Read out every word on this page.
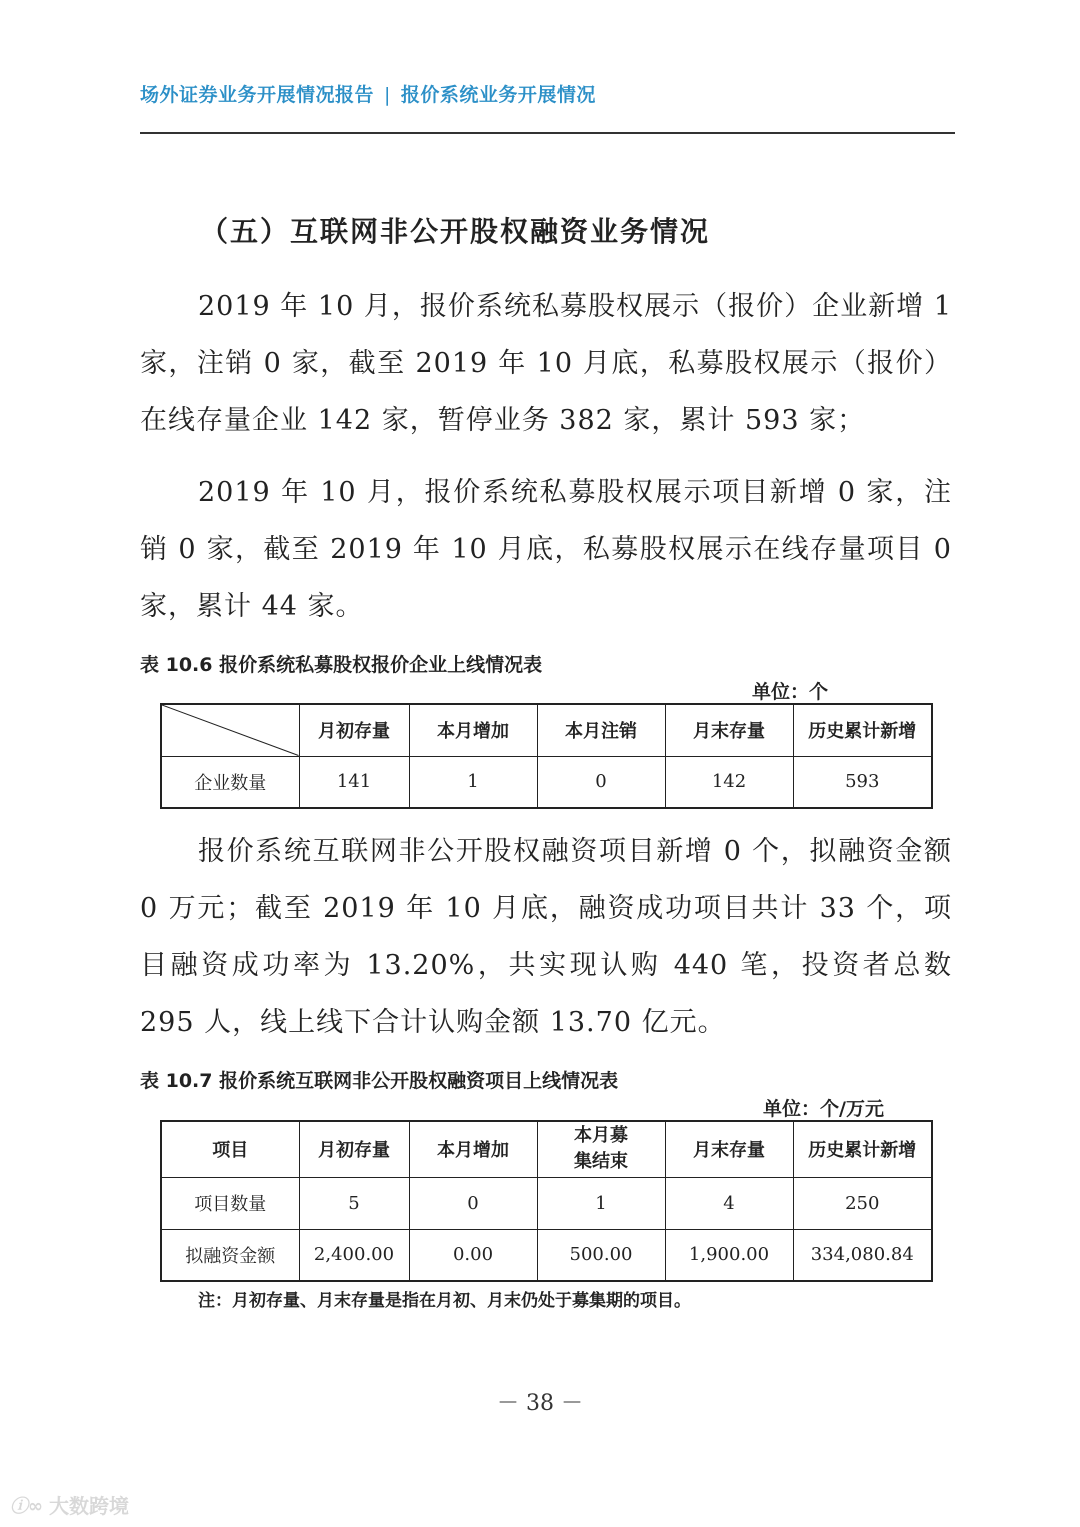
场外证券业务开展情况报告 | 报价系统业务开展情况
（五）互联网非公开股权融资业务情况
2019 年 10 月，报价系统私募股权展示（报价）企业新增 1 家，注销 0 家，截至 2019 年 10 月底，私募股权展示（报价）在线存量企业 142 家，暂停业务 382 家，累计 593 家；
2019 年 10 月，报价系统私募股权展示项目新增 0 家，注销 0 家，截至 2019 年 10 月底，私募股权展示在线存量项目 0 家，累计 44 家。
表 10.6 报价系统私募股权报价企业上线情况表
单位：个
	月初存量	本月增加	本月注销	月末存量	历史累计新增
企业数量	141	1	0	142	593
报价系统互联网非公开股权融资项目新增 0 个，拟融资金额 0 万元；截至 2019 年 10 月底，融资成功项目共计 33 个，项目融资成功率为 13.20%，共实现认购 440 笔，投资者总数 295 人，线上线下合计认购金额 13.70 亿元。
表 10.7 报价系统互联网非公开股权融资项目上线情况表
单位：个/万元
项目	月初存量	本月增加	本月募集结束	月末存量	历史累计新增
项目数量	5	0	1	4	250
拟融资金额	2,400.00	0.00	500.00	1,900.00	334,080.84
注：月初存量、月末存量是指在月初、月末仍处于募集期的项目。
－ 38 －
ⓘ∞ 大数跨境
